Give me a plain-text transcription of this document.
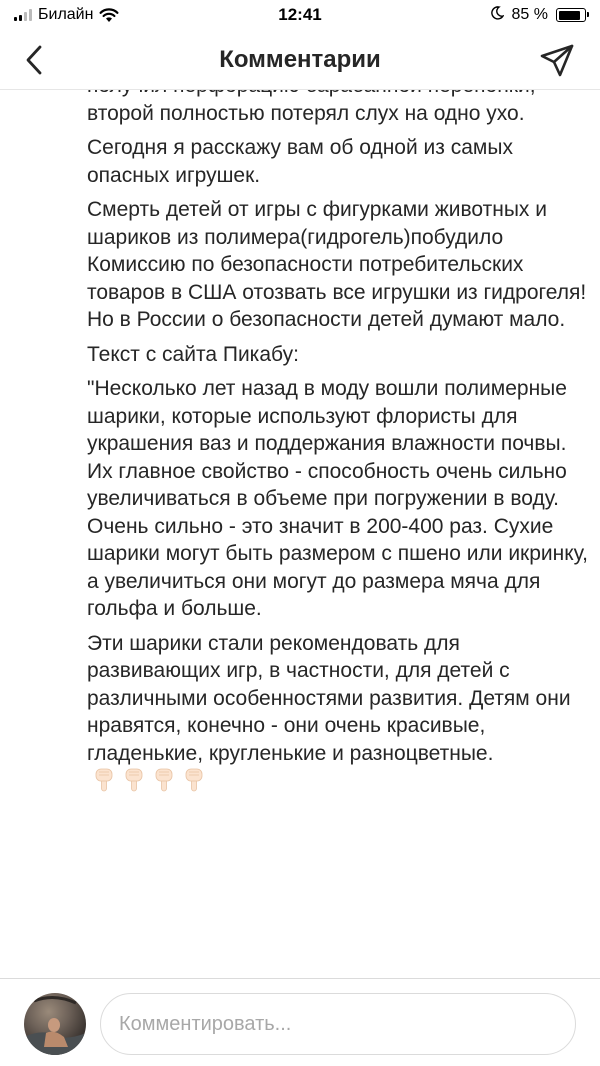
Билайн	12:41	85 %
Комментарии

второй полностью потерял слух на одно ухо.

Сегодня я расскажу вам об одной из самых опасных игрушек.

Смерть детей от игры с фигурками животных и шариков из полимера(гидрогель)побудило Комиссию по безопасности потребительских товаров в США отозвать все игрушки из гидрогеля! Но в России о безопасности детей думают мало.

Текст с сайта Пикабу:

"Несколько лет назад в моду вошли полимерные шарики, которые используют флористы для украшения ваз и поддержания влажности почвы. Их главное свойство - способность очень сильно увеличиваться в объеме при погружении в воду. Очень сильно - это значит в 200-400 раз. Сухие шарики могут быть размером с пшено или икринку, а увеличиться они могут до размера мяча для гольфа и больше.

Эти шарики стали рекомендовать для развивающих игр, в частности, для детей с различными особенностями развития. Детям они нравятся, конечно - они очень красивые, гладенькие, кругленькие и разноцветные.

Комментировать...
